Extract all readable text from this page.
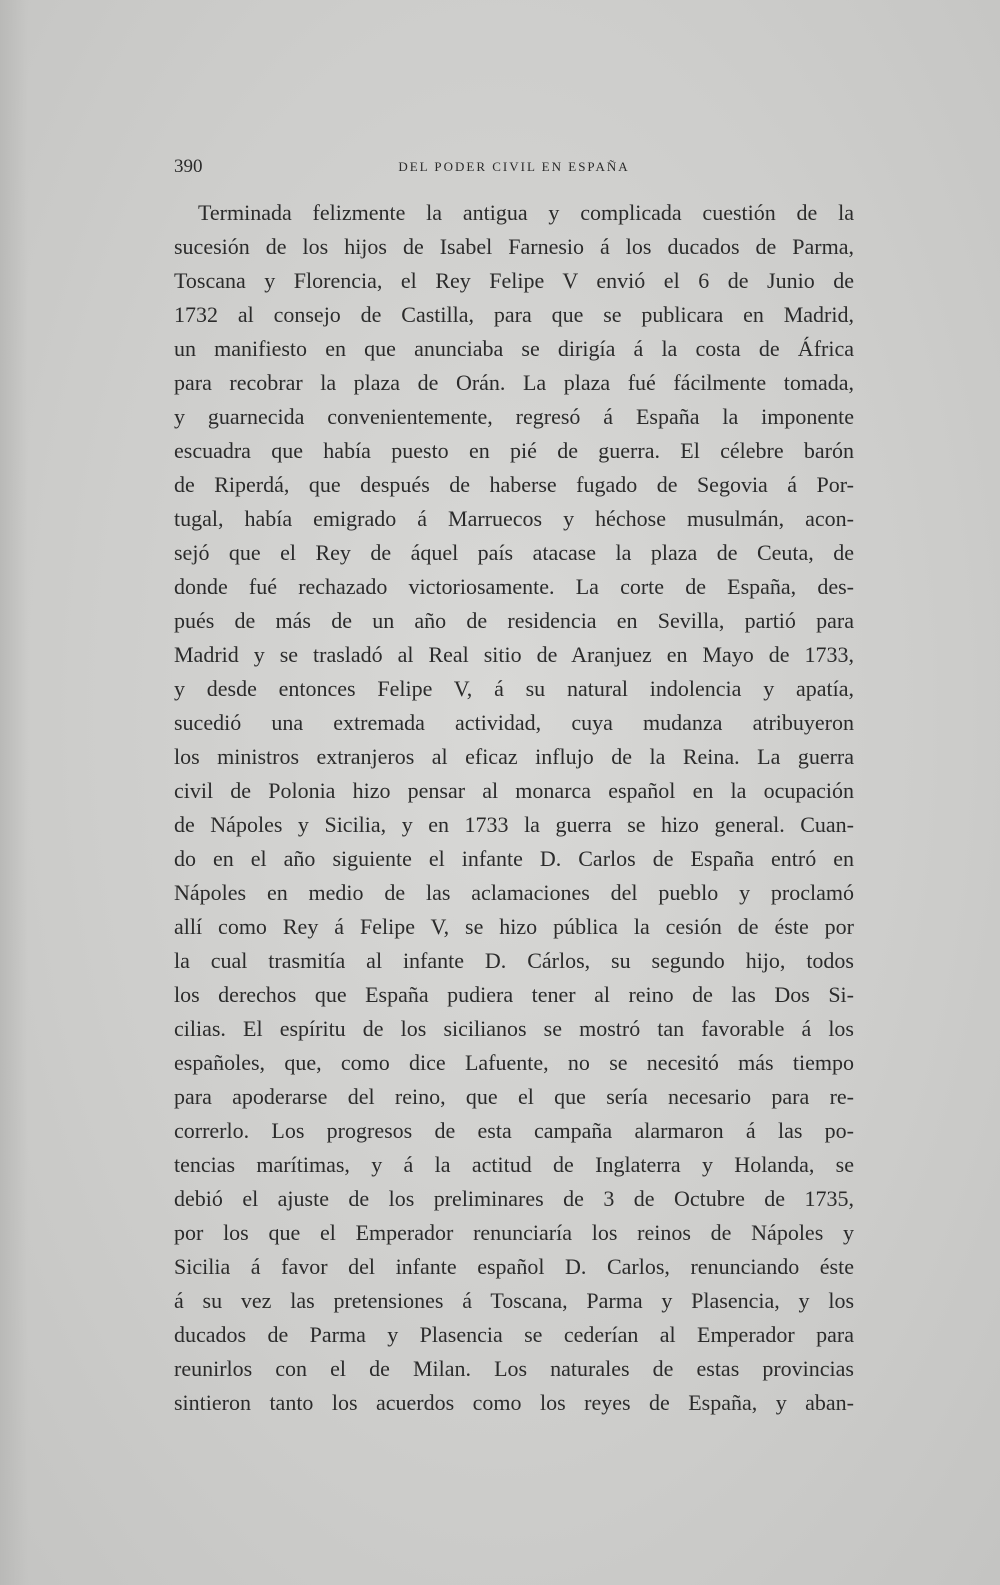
390	DEL PODER CIVIL EN ESPAÑA
Terminada felizmente la antigua y complicada cuestión de la
sucesión de los hijos de Isabel Farnesio á los ducados de Parma,
Toscana y Florencia, el Rey Felipe V envió el 6 de Junio de
1732 al consejo de Castilla, para que se publicara en Madrid,
un manifiesto en que anunciaba se dirigía á la costa de África
para recobrar la plaza de Orán. La plaza fué fácilmente tomada,
y guarnecida convenientemente, regresó á España la imponente
escuadra que había puesto en pié de guerra. El célebre barón
de Riperdá, que después de haberse fugado de Segovia á Por-
tugal, había emigrado á Marruecos y héchose musulmán, acon-
sejó que el Rey de áquel país atacase la plaza de Ceuta, de
donde fué rechazado victoriosamente. La corte de España, des-
pués de más de un año de residencia en Sevilla, partió para
Madrid y se trasladó al Real sitio de Aranjuez en Mayo de 1733,
y desde entonces Felipe V, á su natural indolencia y apatía,
sucedió una extremada actividad, cuya mudanza atribuyeron
los ministros extranjeros al eficaz influjo de la Reina. La guerra
civil de Polonia hizo pensar al monarca español en la ocupación
de Nápoles y Sicilia, y en 1733 la guerra se hizo general. Cuan-
do en el año siguiente el infante D. Carlos de España entró en
Nápoles en medio de las aclamaciones del pueblo y proclamó
allí como Rey á Felipe V, se hizo pública la cesión de éste por
la cual trasmitía al infante D. Cárlos, su segundo hijo, todos
los derechos que España pudiera tener al reino de las Dos Si-
cilias. El espíritu de los sicilianos se mostró tan favorable á los
españoles, que, como dice Lafuente, no se necesitó más tiempo
para apoderarse del reino, que el que sería necesario para re-
correrlo. Los progresos de esta campaña alarmaron á las po-
tencias marítimas, y á la actitud de Inglaterra y Holanda, se
debió el ajuste de los preliminares de 3 de Octubre de 1735,
por los que el Emperador renunciaría los reinos de Nápoles y
Sicilia á favor del infante español D. Carlos, renunciando éste
á su vez las pretensiones á Toscana, Parma y Plasencia, y los
ducados de Parma y Plasencia se cederían al Emperador para
reunirlos con el de Milan. Los naturales de estas provincias
sintieron tanto los acuerdos como los reyes de España, y aban-
